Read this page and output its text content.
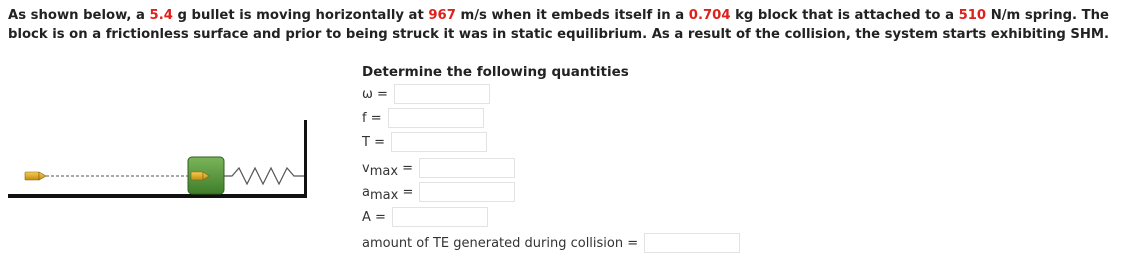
As shown below, a 5.4 g bullet is moving horizontally at 967 m/s when it embeds itself in a 0.704 kg block that is attached to a 510 N/m spring. The block is on a frictionless surface and prior to being struck it was in static equilibrium. As a result of the collision, the system starts exhibiting SHM.
Determine the following quantities
ω =
f =
T =
vmax =
amax =
A =
amount of TE generated during collision =
